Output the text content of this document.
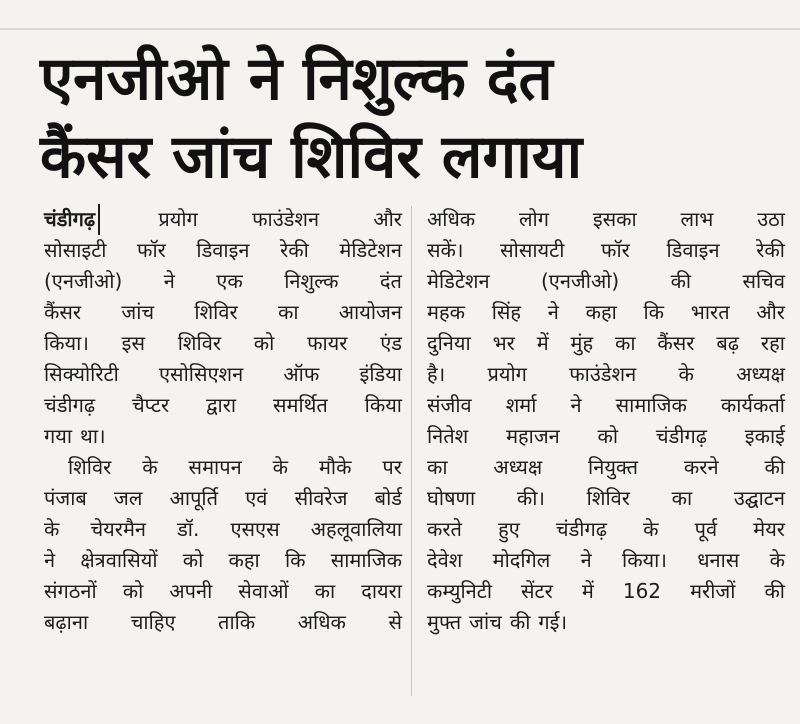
एनजीओ ने निशुल्क दंत
कैंसर जांच शिविर लगाया
चंडीगढ़	प्रयोग	फाउंडेशन	और
सोसाइटी फॉर डिवाइन रेकी मेडिटेशन
(एनजीओ) ने एक निशुल्क दंत
कैंसर जांच शिविर का आयोजन
किया। इस शिविर को फायर एंड
सिक्योरिटी एसोसिएशन ऑफ इंडिया
चंडीगढ़ चैप्टर द्वारा समर्थित किया
गया था।
शिविर के समापन के मौके पर
पंजाब जल आपूर्ति एवं सीवरेज बोर्ड
के चेयरमैन डॉ. एसएस अहलूवालिया
ने क्षेत्रवासियों को कहा कि सामाजिक
संगठनों को अपनी सेवाओं का दायरा
बढ़ाना चाहिए ताकि अधिक से
अधिक लोग इसका लाभ उठा
सकें। सोसायटी फॉर डिवाइन रेकी
मेडिटेशन	(एनजीओ)	की	सचिव
महक सिंह ने कहा कि भारत और
दुनिया भर में मुंह का कैंसर बढ़ रहा
है। प्रयोग फाउंडेशन के अध्यक्ष
संजीव शर्मा ने सामाजिक कार्यकर्ता
नितेश महाजन को चंडीगढ़ इकाई
का अध्यक्ष नियुक्त करने की
घोषणा की। शिविर का उद्घाटन
करते हुए चंडीगढ़ के पूर्व मेयर
देवेश मोदगिल ने किया। धनास के
कम्युनिटी सेंटर में 162 मरीजों की
मुफ्त जांच की गई।
